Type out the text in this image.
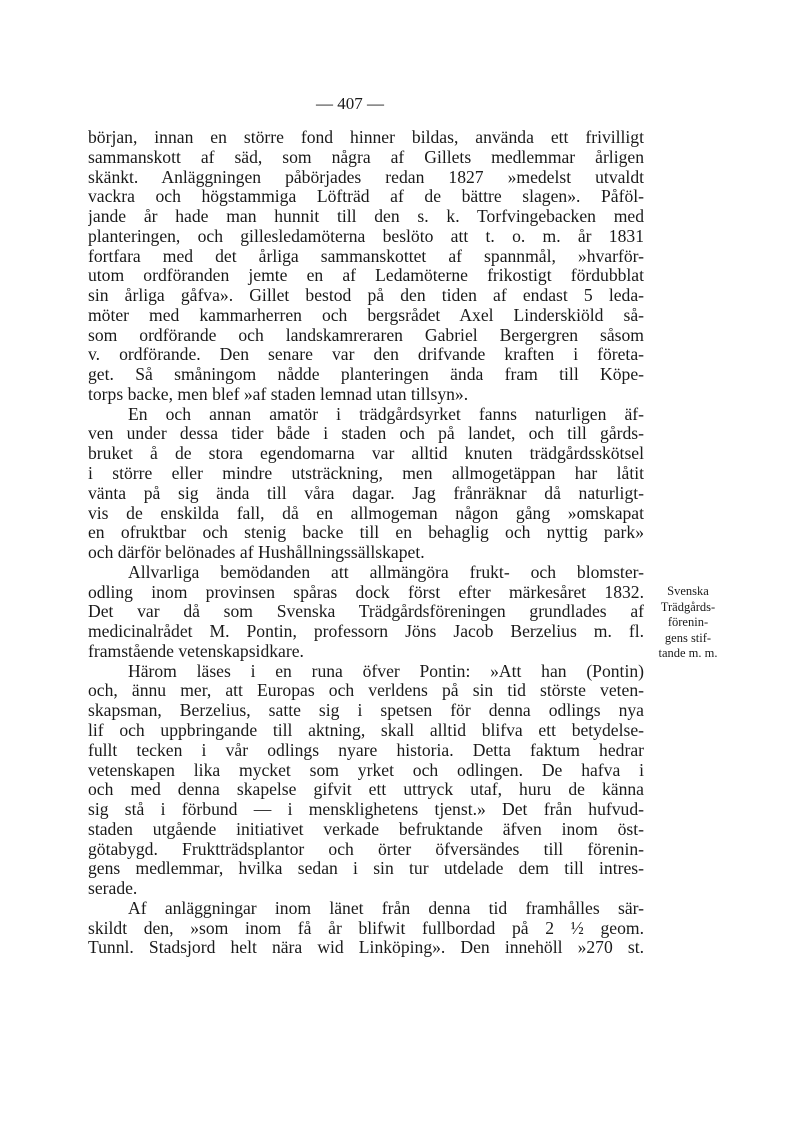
— 407 —
början, innan en större fond hinner bildas, använda ett frivilligt
sammanskott af säd, som några af Gillets medlemmar årligen
skänkt. Anläggningen påbörjades redan 1827 »medelst utvaldt
vackra och högstammiga Löfträd af de bättre slagen». Påföl-
jande år hade man hunnit till den s. k. Torfvingebacken med
planteringen, och gillesledamöterna beslöto att t. o. m. år 1831
fortfara med det årliga sammanskottet af spannmål, »hvarför-
utom ordföranden jemte en af Ledamöterne frikostigt fördubblat
sin årliga gåfva». Gillet bestod på den tiden af endast 5 leda-
möter med kammarherren och bergsrådet Axel Linderskiöld så-
som ordförande och landskamreraren Gabriel Bergergren såsom
v. ordförande. Den senare var den drifvande kraften i företa-
get. Så småningom nådde planteringen ända fram till Köpe-
torps backe, men blef »af staden lemnad utan tillsyn».
En och annan amatör i trädgårdsyrket fanns naturligen äf-
ven under dessa tider både i staden och på landet, och till gårds-
bruket å de stora egendomarna var alltid knuten trädgårdsskötsel
i större eller mindre utsträckning, men allmogetäppan har låtit
vänta på sig ända till våra dagar. Jag frånräknar då naturligt-
vis de enskilda fall, då en allmogeman någon gång »omskapat
en ofruktbar och stenig backe till en behaglig och nyttig park»
och därför belönades af Hushållningssällskapet.
Allvarliga bemödanden att allmängöra frukt- och blomster-
odling inom provinsen spåras dock först efter märkesåret 1832.
Det var då som Svenska Trädgårdsföreningen grundlades af
medicinalrådet M. Pontin, professorn Jöns Jacob Berzelius m. fl.
framstående vetenskapsidkare.
Härom läses i en runa öfver Pontin: »Att han (Pontin)
och, ännu mer, att Europas och verldens på sin tid störste veten-
skapsman, Berzelius, satte sig i spetsen för denna odlings nya
lif och uppbringande till aktning, skall alltid blifva ett betydelse-
fullt tecken i vår odlings nyare historia. Detta faktum hedrar
vetenskapen lika mycket som yrket och odlingen. De hafva i
och med denna skapelse gifvit ett uttryck utaf, huru de känna
sig stå i förbund — i mensklighetens tjenst.» Det från hufvud-
staden utgående initiativet verkade befruktande äfven inom öst-
götabygd. Fruktträdsplantor och örter öfversändes till förenin-
gens medlemmar, hvilka sedan i sin tur utdelade dem till intres-
serade.
Af anläggningar inom länet från denna tid framhålles sär-
skildt den, »som inom få år blifwit fullbordad på 2 ½ geom.
Tunnl. Stadsjord helt nära wid Linköping». Den innehöll »270 st.
Svenska
Trädgårds-
förenin-
gens stif-
tande m. m.
